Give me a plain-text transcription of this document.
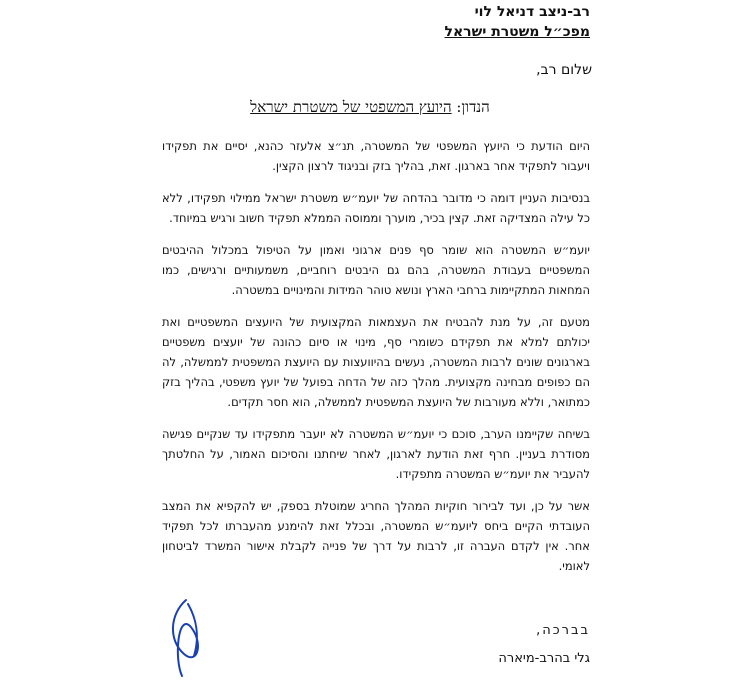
רב-ניצב דניאל לוי
מפכ״ל משטרת ישראל
שלום רב,
הנדון: היועץ המשפטי של משטרת ישראל

היום הודעת כי היועץ המשפטי של המשטרה, תנ״צ אלעזר כהנא, יסיים את תפקידו ויעבור לתפקיד אחר בארגון. זאת, בהליך בזק ובניגוד לרצון הקצין.

בנסיבות העניין דומה כי מדובר בהדחה של יועמ״ש משטרת ישראל ממילוי תפקידו, ללא כל עילה המצדיקה זאת. קצין בכיר, מוערך וממוסה הממלא תפקיד חשוב ורגיש במיוחד.

יועמ״ש המשטרה הוא שומר סף פנים ארגוני ואמון על הטיפול במכלול ההיבטים המשפטיים בעבודת המשטרה, בהם גם היבטים רוחביים, משמעותיים ורגישים, כמו המחאות המתקיימות ברחבי הארץ ונושא טוהר המידות והמינויים במשטרה.

מטעם זה, על מנת להבטיח את העצמאות המקצועית של היועצים המשפטיים ואת יכולתם למלא את תפקידם כשומרי סף, מינוי או סיום כהונה של יועצים משפטיים בארגונים שונים לרבות המשטרה, נעשים בהיוועצות עם היועצת המשפטית לממשלה, לה הם כפופים מבחינה מקצועית. מהלך כזה של הדחה בפועל של יועץ משפטי, בהליך בזק כמתואר, וללא מעורבות של היועצת המשפטית לממשלה, הוא חסר תקדים.

בשיחה שקיימנו הערב, סוכם כי יועמ״ש המשטרה לא יועבר מתפקידו עד שנקיים פגישה מסודרת בעניין. חרף זאת הודעת לארגון, לאחר שיחתנו והסיכום האמור, על החלטתך להעביר את יועמ״ש המשטרה מתפקידו.

אשר על כן, ועד לבירור חוקיות המהלך החריג שמוטלת בספק, יש להקפיא את המצב העובדתי הקיים ביחס ליועמ״ש המשטרה, ובכלל זאת להימנע מהעברתו לכל תפקיד אחר. אין לקדם העברה זו, לרבות על דרך של פנייה לקבלת אישור המשרד לביטחון לאומי.

בברכה,
גלי בהרב-מיארה
